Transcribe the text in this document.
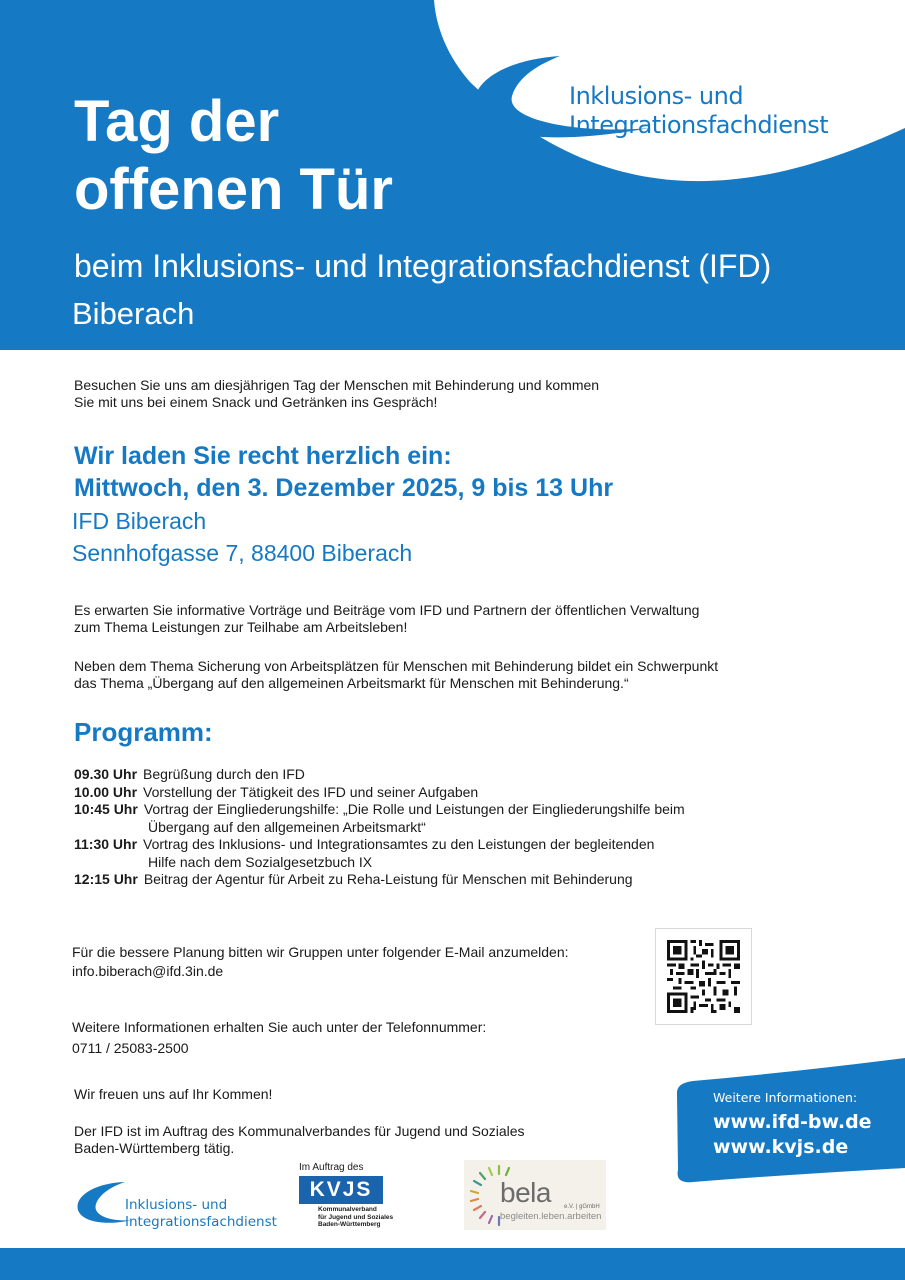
Inklusions- und
Integrationsfachdienst
Tag der
offenen Tür

beim Inklusions- und Integrationsfachdienst (IFD)

Biberach

Besuchen Sie uns am diesjährigen Tag der Menschen mit Behinderung und kommen
Sie mit uns bei einem Snack und Getränken ins Gespräch!

Wir laden Sie recht herzlich ein:

Mittwoch, den 3. Dezember 2025, 9 bis 13 Uhr

IFD Biberach

Sennhofgasse 7, 88400 Biberach

Es erwarten Sie informative Vorträge und Beiträge vom IFD und Partnern der öffentlichen Verwaltung
zum Thema Leistungen zur Teilhabe am Arbeitsleben!
Neben dem Thema Sicherung von Arbeitsplätzen für Menschen mit Behinderung bildet ein Schwerpunkt
das Thema „Übergang auf den allgemeinen Arbeitsmarkt für Menschen mit Behinderung.“
Programm:
09.30 Uhr Begrüßung durch den IFD
10.00 Uhr Vorstellung der Tätigkeit des IFD und seiner Aufgaben
10:45 Uhr Vortrag der Eingliederungshilfe: „Die Rolle und Leistungen der Eingliederungshilfe beim
Übergang auf den allgemeinen Arbeitsmarkt“
11:30 Uhr Vortrag des Inklusions- und Integrationsamtes zu den Leistungen der begleitenden
Hilfe nach dem Sozialgesetzbuch IX
12:15 Uhr Beitrag der Agentur für Arbeit zu Reha-Leistung für Menschen mit Behinderung
Für die bessere Planung bitten wir Gruppen unter folgender E-Mail anzumelden:
info.biberach@ifd.3in.de
Weitere Informationen erhalten Sie auch unter der Telefonnummer:
0711 / 25083-2500
Wir freuen uns auf Ihr Kommen!
Der IFD ist im Auftrag des Kommunalverbandes für Jugend und Soziales
Baden-Württemberg tätig.
Weitere Informationen:
www.ifd-bw.de
www.kvjs.de
Inklusions- und
Integrationsfachdienst
Im Auftrag des
KVJS
Kommunalverband
für Jugend und Soziales
Baden-Württemberg
bela e.V. | gGmbH
begleiten.leben.arbeiten
